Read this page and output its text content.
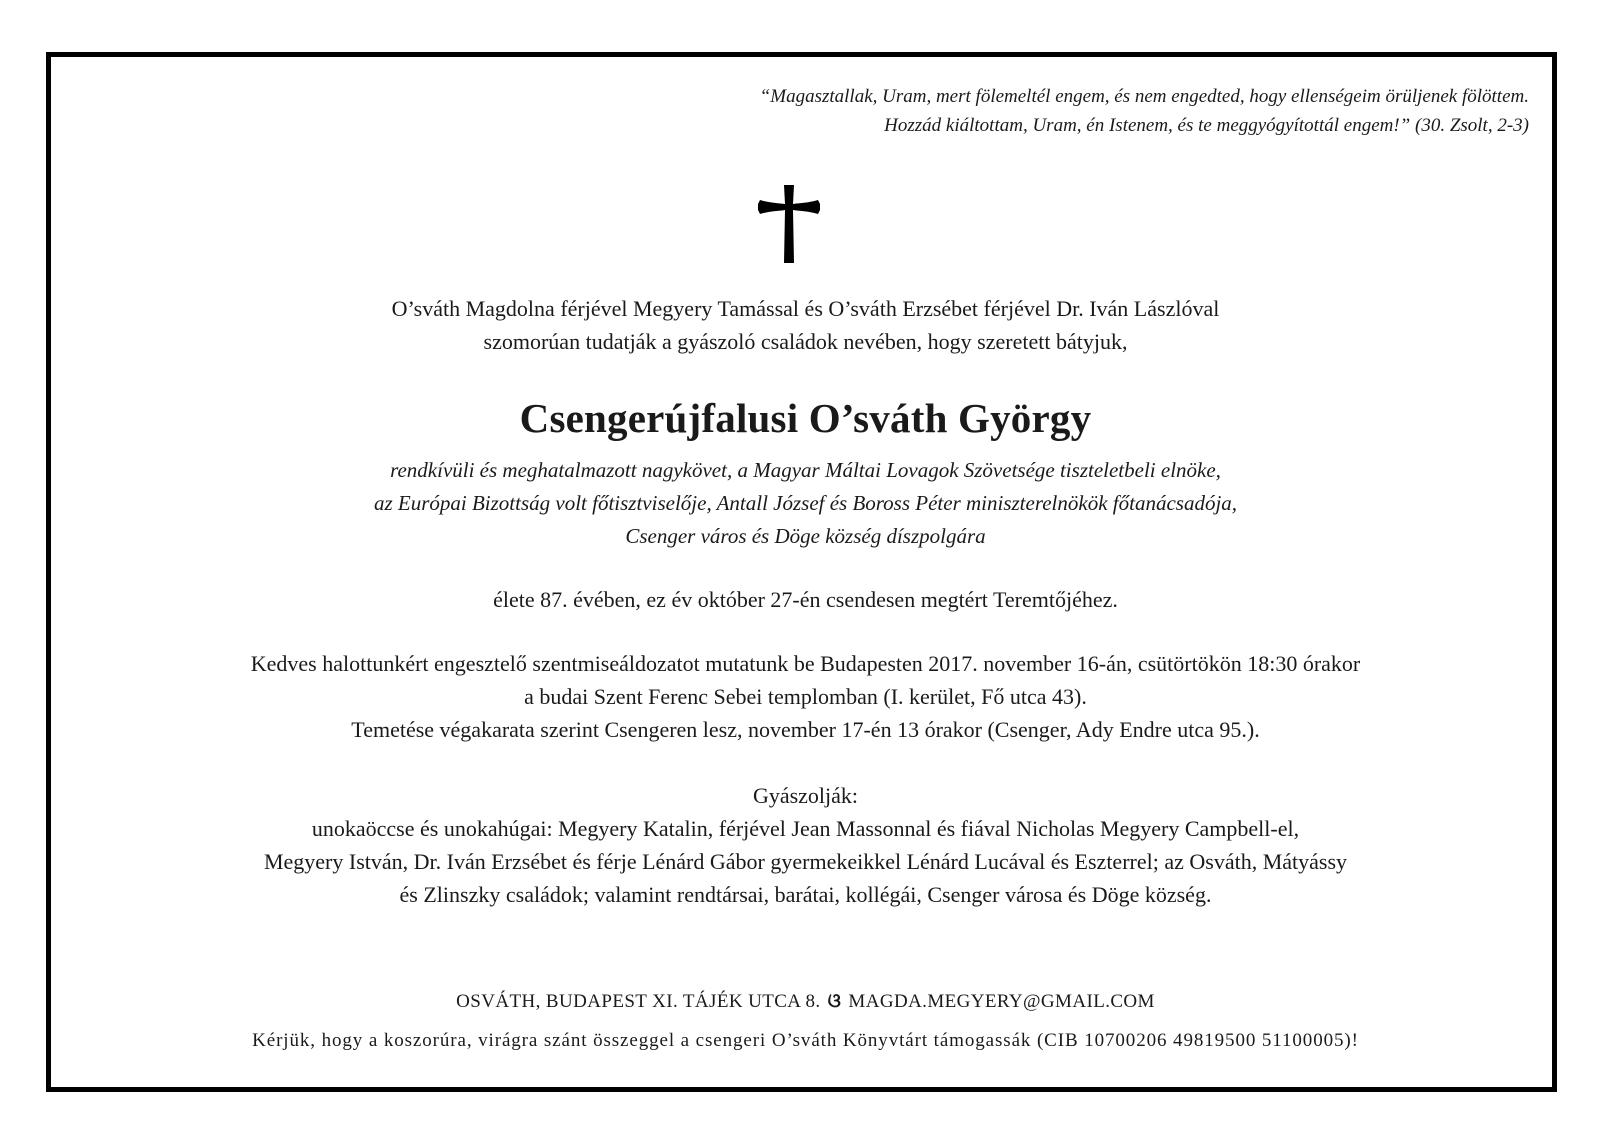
“Magasztallak, Uram, mert fölemeltél engem, és nem engedted, hogy ellenségeim örüljenek fölöttem.
Hozzád kiáltottam, Uram, én Istenem, és te meggyógyítottál engem!” (30. Zsolt, 2-3)
O’sváth Magdolna férjével Megyery Tamással és O’sváth Erzsébet férjével Dr. Iván Lászlóval
szomorúan tudatják a gyászoló családok nevében, hogy szeretett bátyjuk,
Csengerújfalusi O’sváth György
rendkívüli és meghatalmazott nagykövet, a Magyar Máltai Lovagok Szövetsége tiszteletbeli elnöke,
az Európai Bizottság volt főtisztviselője, Antall József és Boross Péter miniszterelnökök főtanácsadója,
Csenger város és Döge község díszpolgára
élete 87. évében, ez év október 27-én csendesen megtért Teremtőjéhez.
Kedves halottunkért engesztelő szentmiseáldozatot mutatunk be Budapesten 2017. november 16-án, csütörtökön 18:30 órakor
a budai Szent Ferenc Sebei templomban (I. kerület, Fő utca 43).
Temetése végakarata szerint Csengeren lesz, november 17-én 13 órakor (Csenger, Ady Endre utca 95.).
Gyászolják:
unokaöccse és unokahúgai: Megyery Katalin, férjével Jean Massonnal és fiával Nicholas Megyery Campbell-el,
Megyery István, Dr. Iván Erzsébet és férje Lénárd Gábor gyermekeikkel Lénárd Lucával és Eszterrel; az Osváth, Mátyássy
és Zlinszky családok; valamint rendtársai, barátai, kollégái, Csenger városa és Döge község.
OSVÁTH, BUDAPEST XI. TÁJÉK UTCA 8. ଓ MAGDA.MEGYERY@GMAIL.COM
Kérjük, hogy a koszorúra, virágra szánt összeggel a csengeri O’sváth Könyvtárt támogassák (CIB 10700206 49819500 51100005)!
